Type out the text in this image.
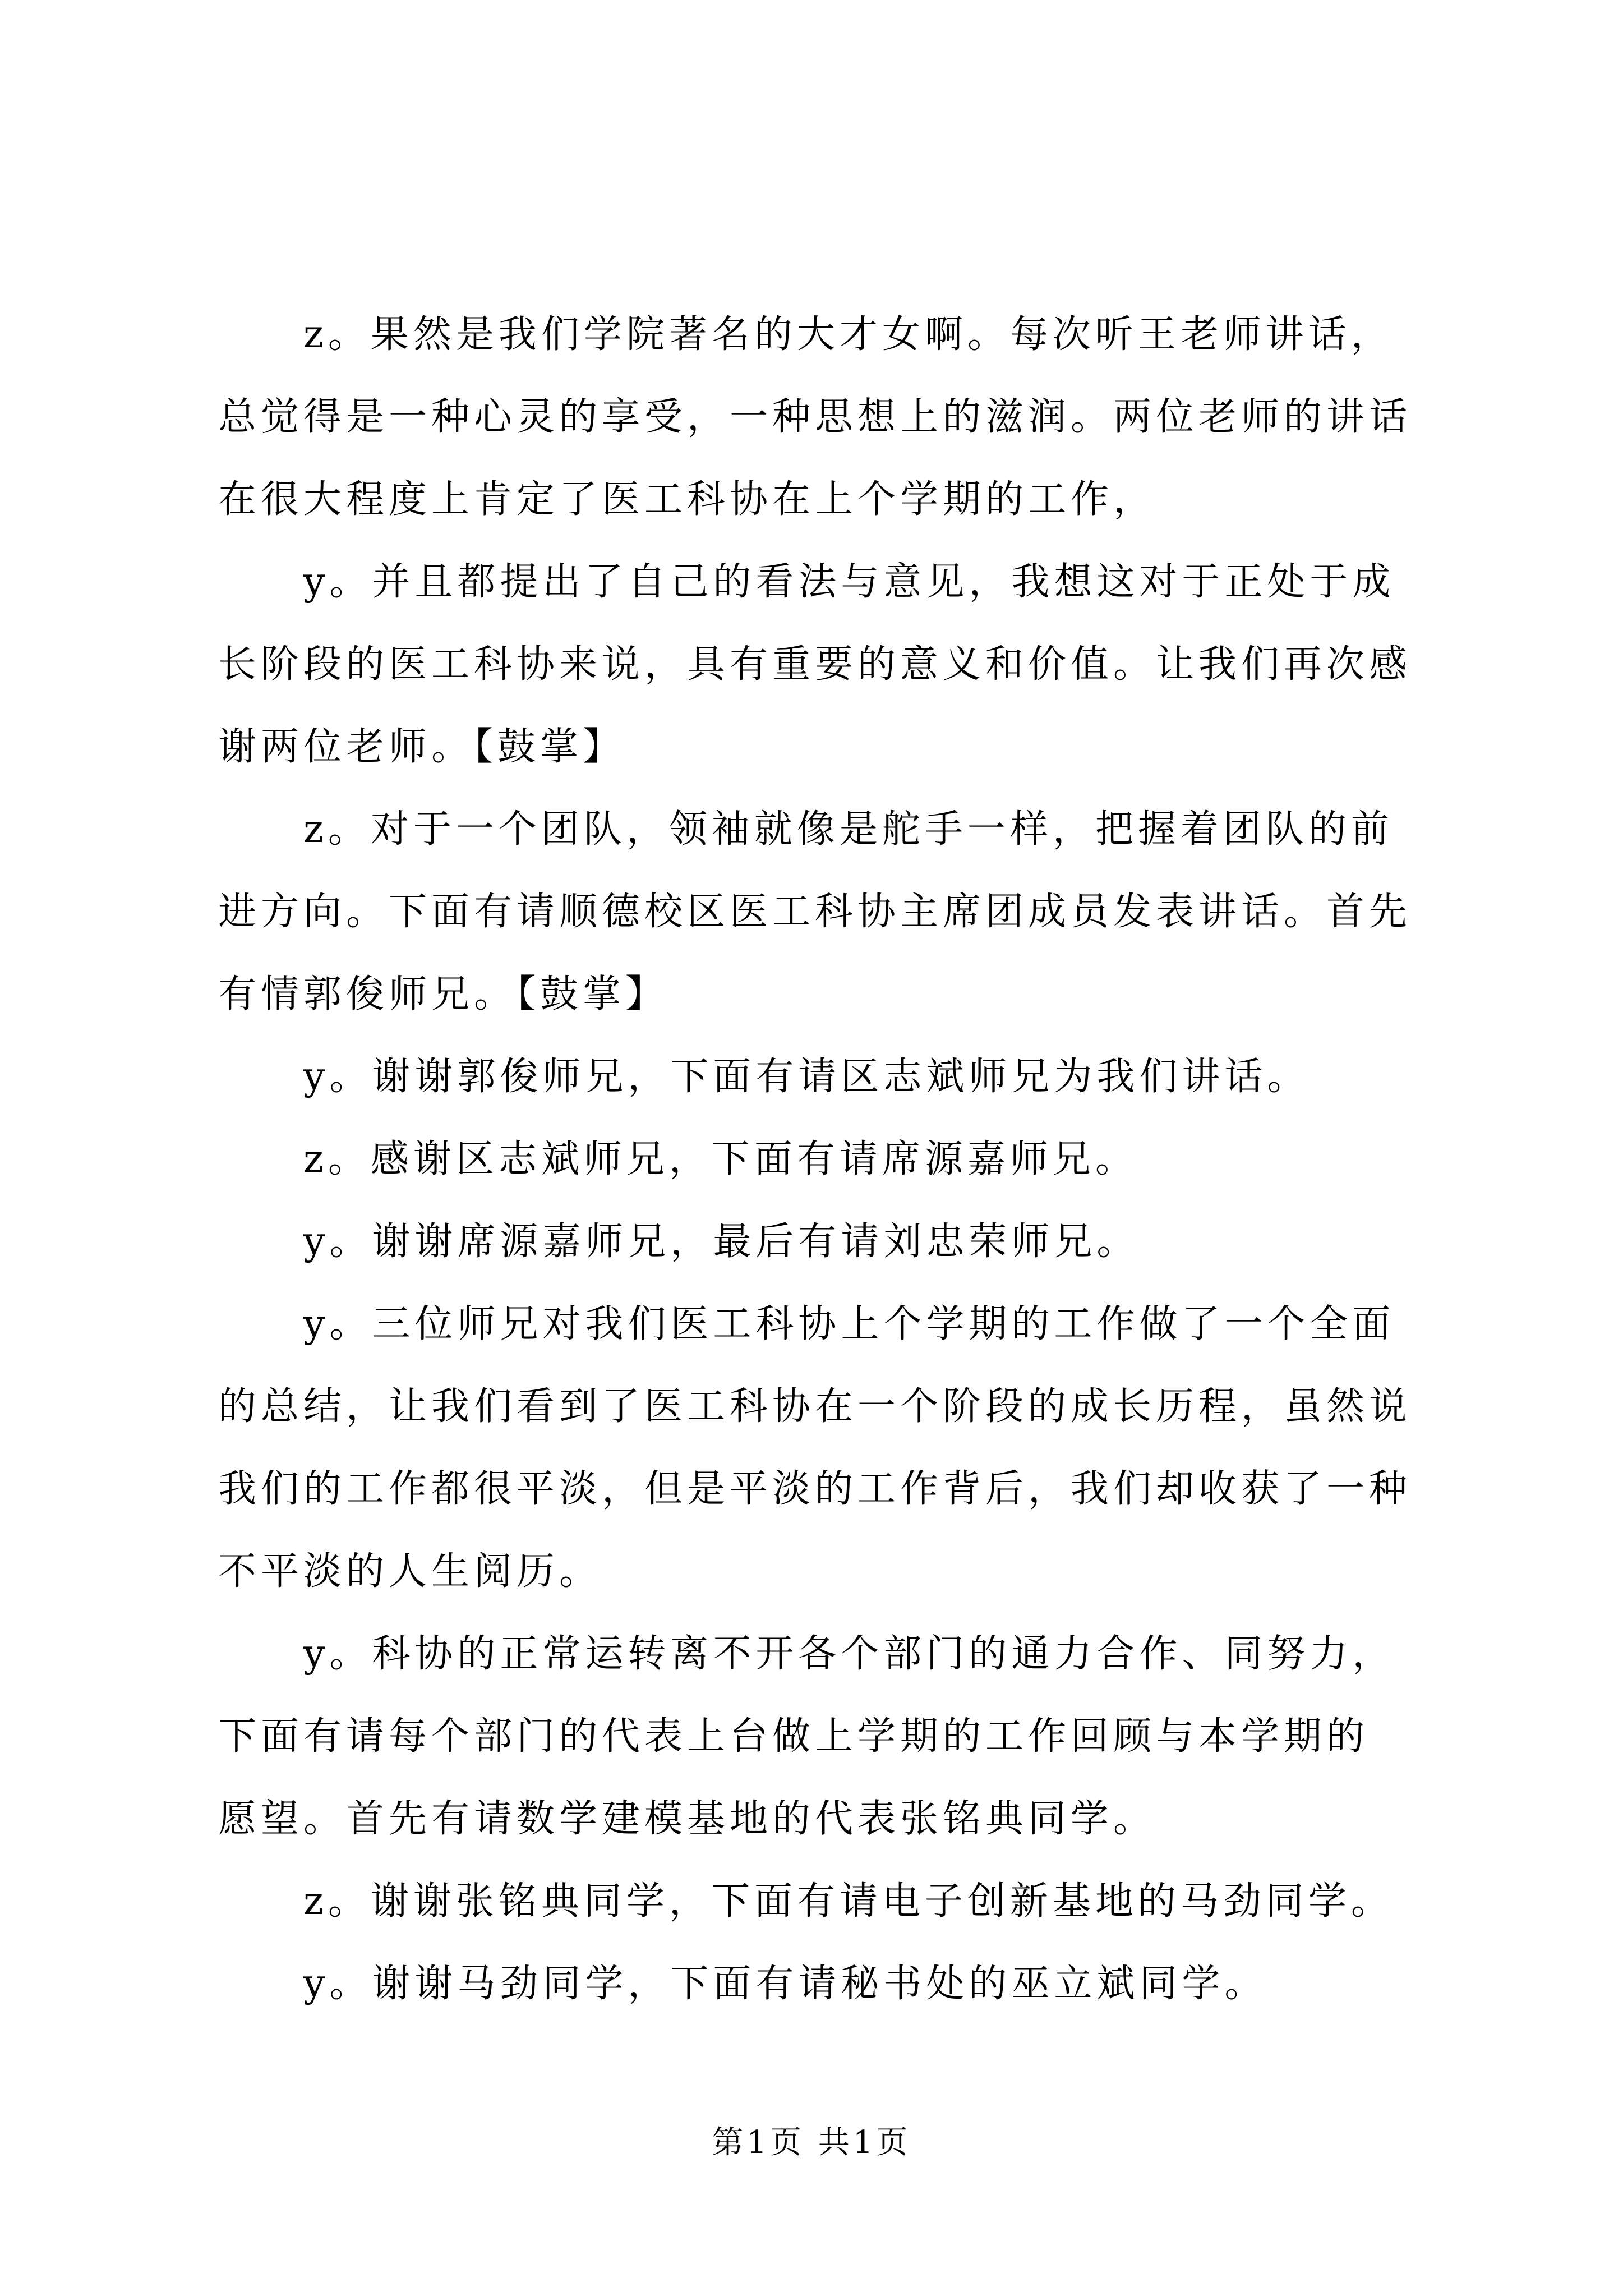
z。果然是我们学院著名的大才女啊。每次听王老师讲话，
总觉得是一种心灵的享受，一种思想上的滋润。两位老师的讲话
在很大程度上肯定了医工科协在上个学期的工作，
y。并且都提出了自己的看法与意见，我想这对于正处于成
长阶段的医工科协来说，具有重要的意义和价值。让我们再次感
谢两位老师。【鼓掌】
z。对于一个团队，领袖就像是舵手一样，把握着团队的前
进方向。下面有请顺德校区医工科协主席团成员发表讲话。首先
有情郭俊师兄。【鼓掌】
y。谢谢郭俊师兄，下面有请区志斌师兄为我们讲话。
z。感谢区志斌师兄，下面有请席源嘉师兄。
y。谢谢席源嘉师兄，最后有请刘忠荣师兄。
y。三位师兄对我们医工科协上个学期的工作做了一个全面
的总结，让我们看到了医工科协在一个阶段的成长历程，虽然说
我们的工作都很平淡，但是平淡的工作背后，我们却收获了一种
不平淡的人生阅历。
y。科协的正常运转离不开各个部门的通力合作、同努力，
下面有请每个部门的代表上台做上学期的工作回顾与本学期的
愿望。首先有请数学建模基地的代表张铭典同学。
z。谢谢张铭典同学，下面有请电子创新基地的马劲同学。
y。谢谢马劲同学，下面有请秘书处的巫立斌同学。
第1页 共1页
